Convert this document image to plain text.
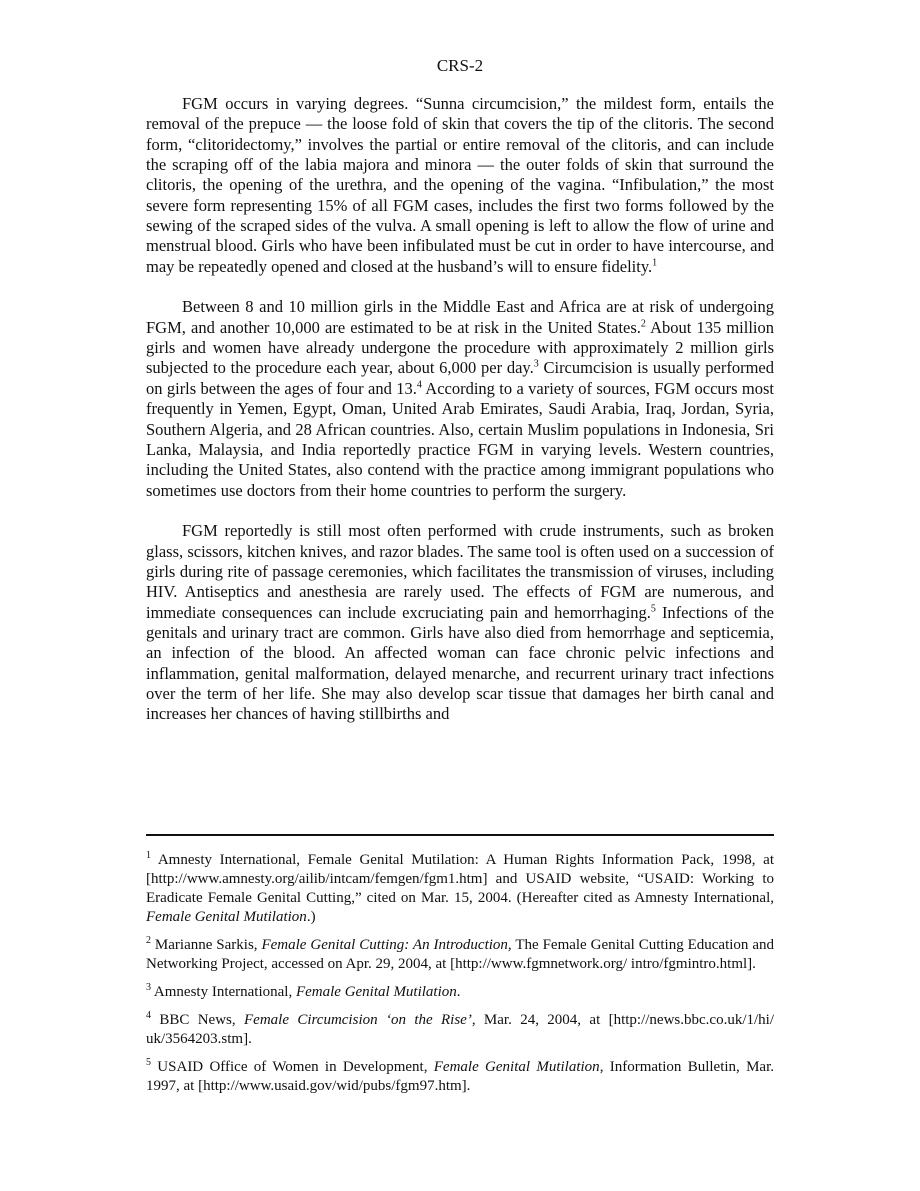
CRS-2

FGM occurs in varying degrees. “Sunna circumcision,” the mildest form, entails the removal of the prepuce — the loose fold of skin that covers the tip of the clitoris. The second form, “clitoridectomy,” involves the partial or entire removal of the clitoris, and can include the scraping off of the labia majora and minora — the outer folds of skin that surround the clitoris, the opening of the urethra, and the opening of the vagina. “Infibulation,” the most severe form representing 15% of all FGM cases, includes the first two forms followed by the sewing of the scraped sides of the vulva. A small opening is left to allow the flow of urine and menstrual blood. Girls who have been infibulated must be cut in order to have intercourse, and may be repeatedly opened and closed at the husband’s will to ensure fidelity.$^1$

Between 8 and 10 million girls in the Middle East and Africa are at risk of undergoing FGM, and another 10,000 are estimated to be at risk in the United States.$^2$ About 135 million girls and women have already undergone the procedure with approximately 2 million girls subjected to the procedure each year, about 6,000 per day.$^3$ Circumcision is usually performed on girls between the ages of four and 13.$^4$ According to a variety of sources, FGM occurs most frequently in Yemen, Egypt, Oman, United Arab Emirates, Saudi Arabia, Iraq, Jordan, Syria, Southern Algeria, and 28 African countries. Also, certain Muslim populations in Indonesia, Sri Lanka, Malaysia, and India reportedly practice FGM in varying levels. Western countries, including the United States, also contend with the practice among immigrant populations who sometimes use doctors from their home countries to perform the surgery.

FGM reportedly is still most often performed with crude instruments, such as broken glass, scissors, kitchen knives, and razor blades. The same tool is often used on a succession of girls during rite of passage ceremonies, which facilitates the transmission of viruses, including HIV. Antiseptics and anesthesia are rarely used. The effects of FGM are numerous, and immediate consequences can include excruciating pain and hemorrhaging.$^5$ Infections of the genitals and urinary tract are common. Girls have also died from hemorrhage and septicemia, an infection of the blood. An affected woman can face chronic pelvic infections and inflammation, genital malformation, delayed menarche, and recurrent urinary tract infections over the term of her life. She may also develop scar tissue that damages her birth canal and increases her chances of having stillbirths and

$^1$ Amnesty International, Female Genital Mutilation: A Human Rights Information Pack, 1998, at [http://www.amnesty.org/ailib/intcam/femgen/fgm1.htm] and USAID website, “USAID: Working to Eradicate Female Genital Cutting,” cited on Mar. 15, 2004. (Hereafter cited as Amnesty International, Female Genital Mutilation.)

$^2$ Marianne Sarkis, Female Genital Cutting: An Introduction, The Female Genital Cutting Education and Networking Project, accessed on Apr. 29, 2004, at [http://www.fgmnetwork.org/ intro/fgmintro.html].

$^3$ Amnesty International, Female Genital Mutilation.

$^4$ BBC News, Female Circumcision ‘on the Rise’, Mar. 24, 2004, at [http://news.bbc.co.uk/1/hi/ uk/3564203.stm].

$^5$ USAID Office of Women in Development, Female Genital Mutilation, Information Bulletin, Mar. 1997, at [http://www.usaid.gov/wid/pubs/fgm97.htm].
